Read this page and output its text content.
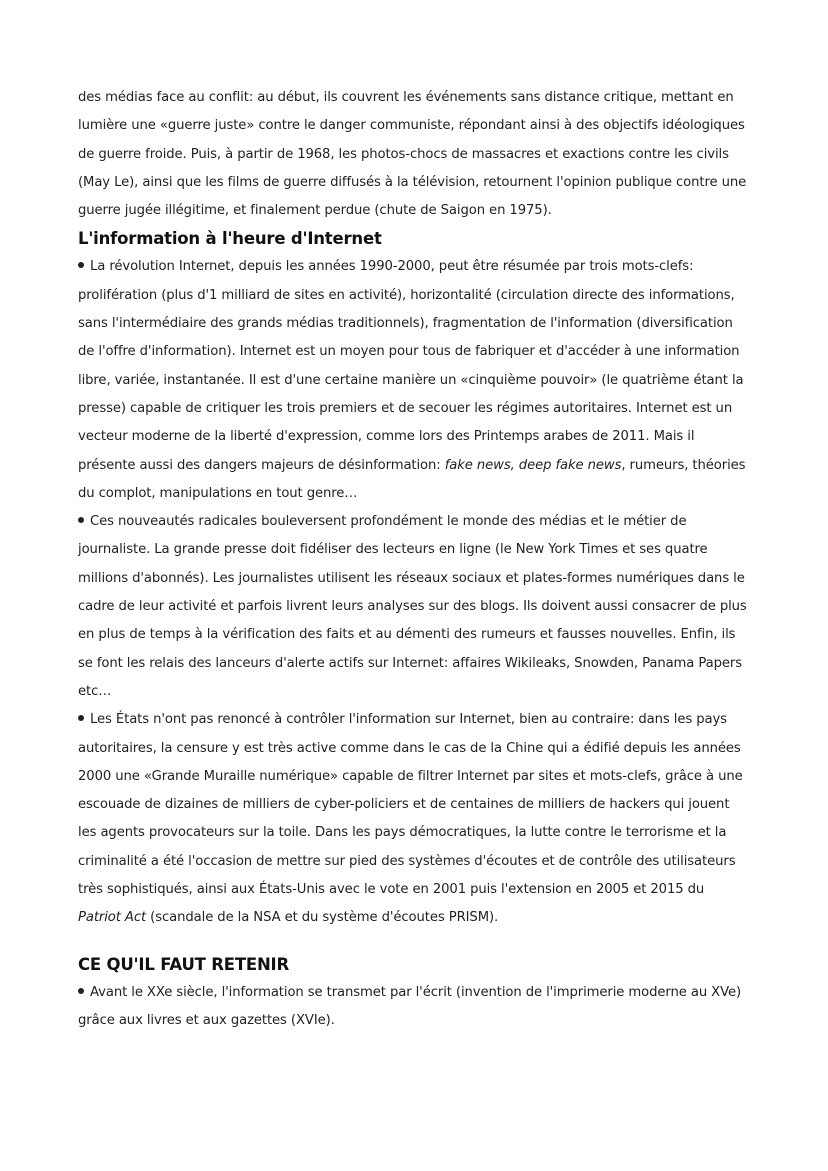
des médias face au conflit: au début, ils couvrent les événements sans distance critique, mettant en lumière une «guerre juste» contre le danger communiste, répondant ainsi à des objectifs idéologiques de guerre froide. Puis, à partir de 1968, les photos-chocs de massacres et exactions contre les civils (May Le), ainsi que les films de guerre diffusés à la télévision, retournent l'opinion publique contre une guerre jugée illégitime, et finalement perdue (chute de Saigon en 1975).

L'information à l'heure d'Internet

La révolution Internet, depuis les années 1990-2000, peut être résumée par trois mots-clefs: prolifération (plus d'1 milliard de sites en activité), horizontalité (circulation directe des informations, sans l'intermédiaire des grands médias traditionnels), fragmentation de l'information (diversification de l'offre d'information). Internet est un moyen pour tous de fabriquer et d'accéder à une information libre, variée, instantanée. Il est d'une certaine manière un «cinquième pouvoir» (le quatrième étant la presse) capable de critiquer les trois premiers et de secouer les régimes autoritaires. Internet est un vecteur moderne de la liberté d'expression, comme lors des Printemps arabes de 2011. Mais il présente aussi des dangers majeurs de désinformation: fake news, deep fake news, rumeurs, théories du complot, manipulations en tout genre…

Ces nouveautés radicales bouleversent profondément le monde des médias et le métier de journaliste. La grande presse doit fidéliser des lecteurs en ligne (le New York Times et ses quatre millions d'abonnés). Les journalistes utilisent les réseaux sociaux et plates-formes numériques dans le cadre de leur activité et parfois livrent leurs analyses sur des blogs. Ils doivent aussi consacrer de plus en plus de temps à la vérification des faits et au démenti des rumeurs et fausses nouvelles. Enfin, ils se font les relais des lanceurs d'alerte actifs sur Internet: affaires Wikileaks, Snowden, Panama Papers etc…

Les États n'ont pas renoncé à contrôler l'information sur Internet, bien au contraire: dans les pays autoritaires, la censure y est très active comme dans le cas de la Chine qui a édifié depuis les années 2000 une «Grande Muraille numérique» capable de filtrer Internet par sites et mots-clefs, grâce à une escouade de dizaines de milliers de cyber-policiers et de centaines de milliers de hackers qui jouent les agents provocateurs sur la toile. Dans les pays démocratiques, la lutte contre le terrorisme et la criminalité a été l'occasion de mettre sur pied des systèmes d'écoutes et de contrôle des utilisateurs très sophistiqués, ainsi aux États-Unis avec le vote en 2001 puis l'extension en 2005 et 2015 du Patriot Act (scandale de la NSA et du système d'écoutes PRISM).

CE QU'IL FAUT RETENIR

Avant le XXe siècle, l'information se transmet par l'écrit (invention de l'imprimerie moderne au XVe) grâce aux livres et aux gazettes (XVIe).
